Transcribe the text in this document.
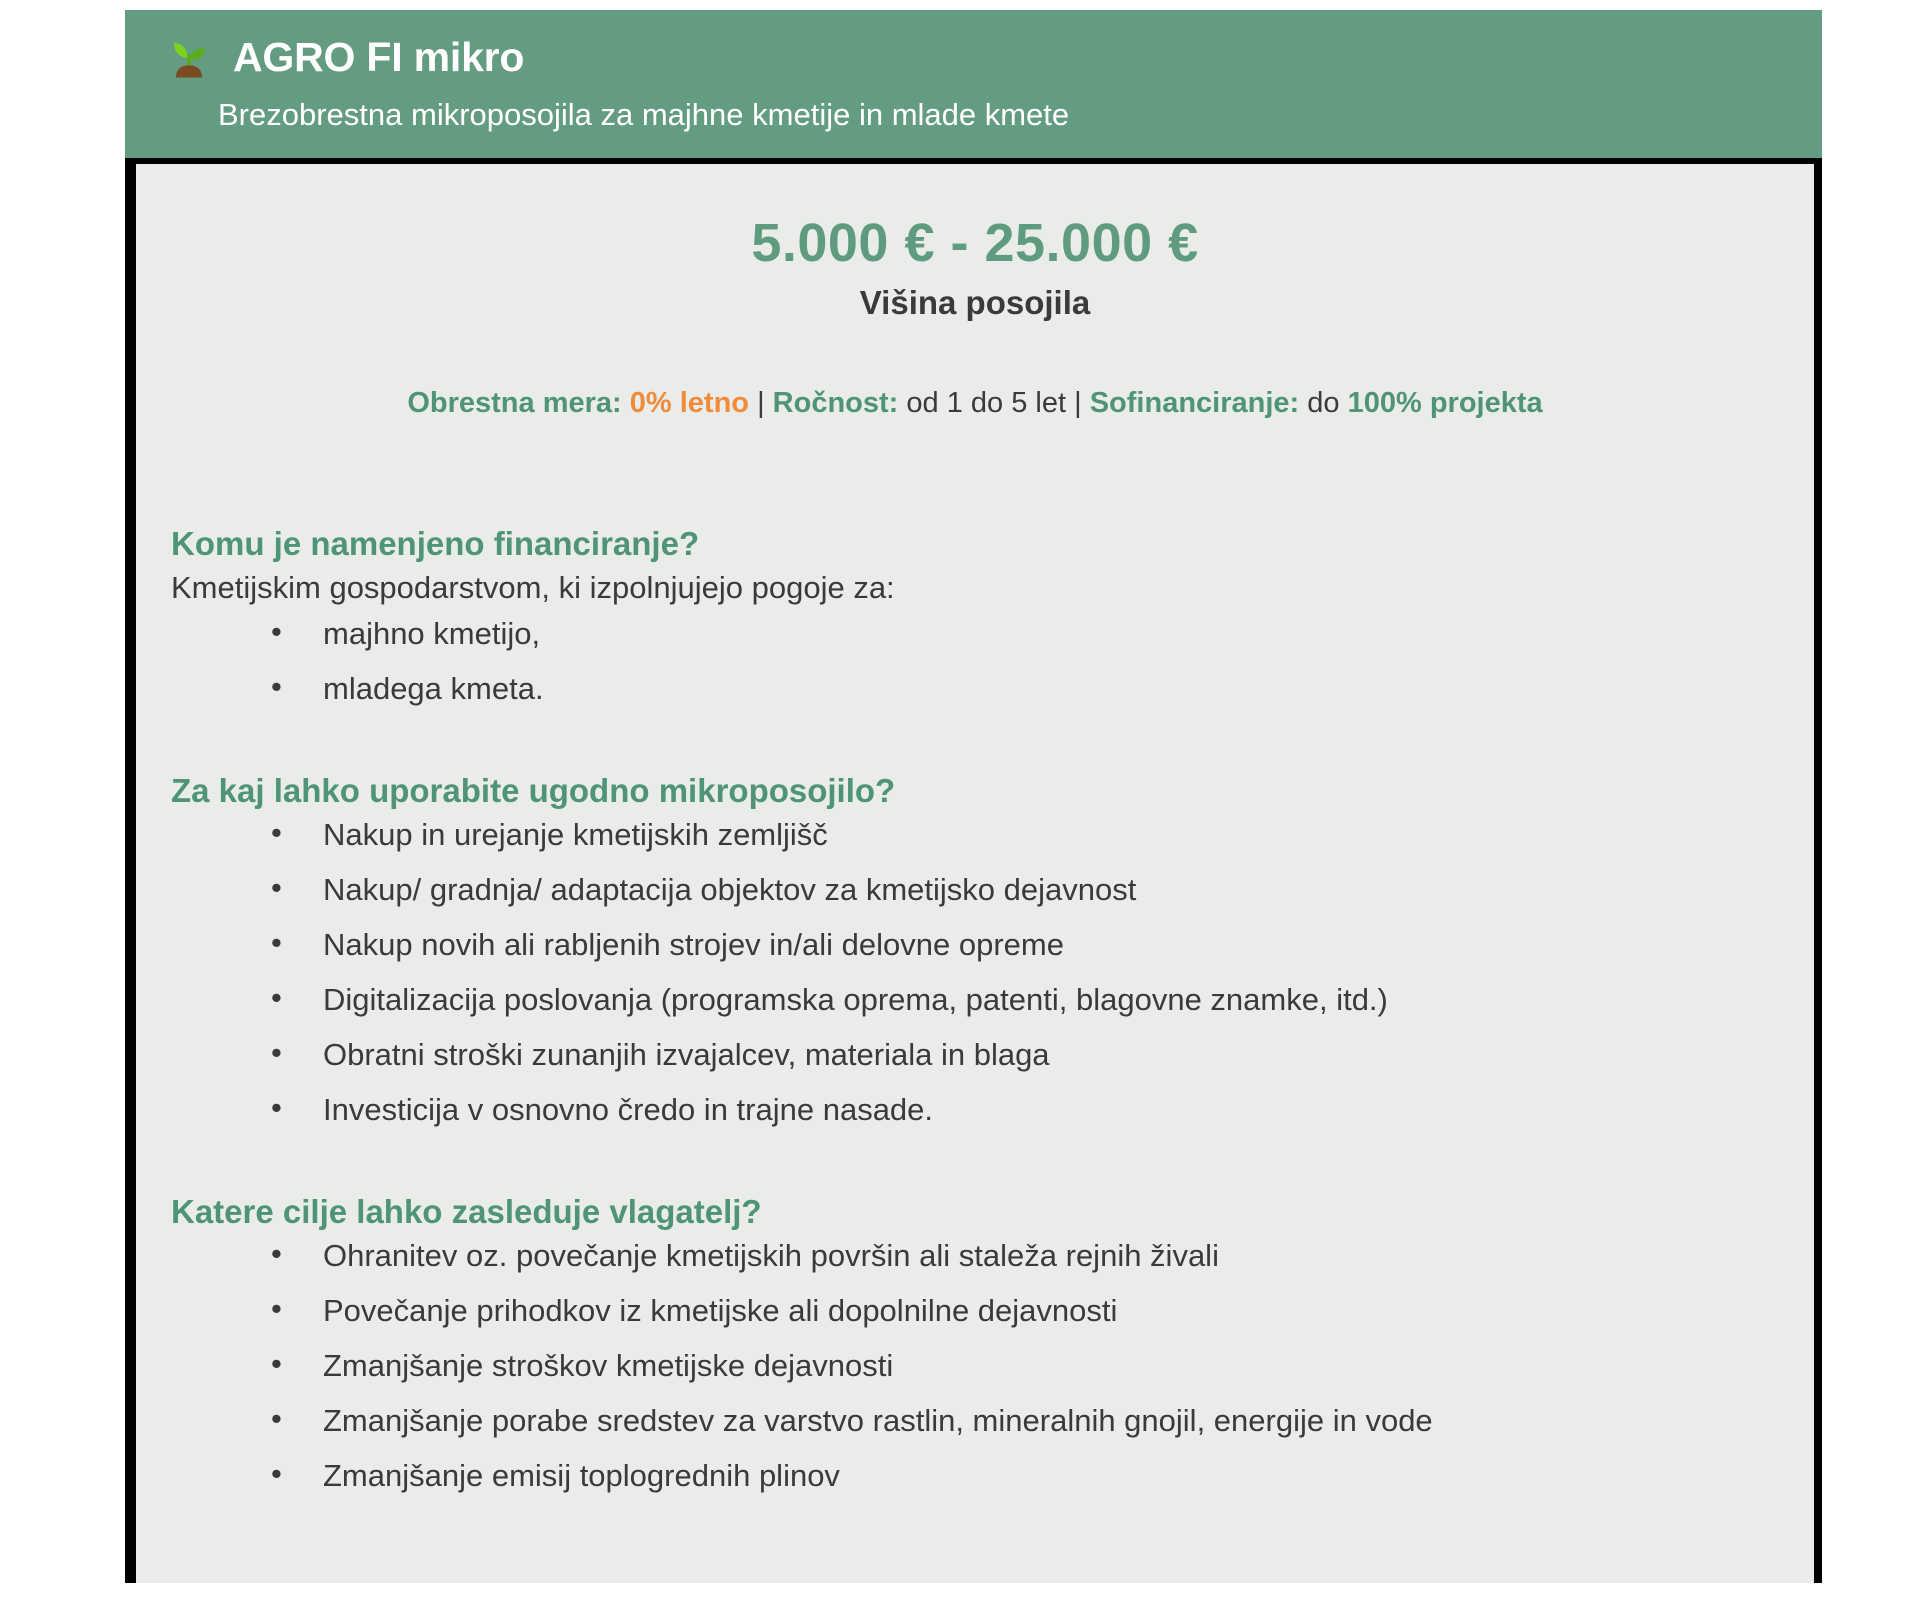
AGRO FI mikro
Brezobrestna mikroposojila za majhne kmetije in mlade kmete
5.000 € - 25.000 €
Višina posojila
Obrestna mera: 0% letno | Ročnost: od 1 do 5 let | Sofinanciranje: do 100% projekta
Komu je namenjeno financiranje?
Kmetijskim gospodarstvom, ki izpolnjujejo pogoje za:
• majhno kmetijo,
• mladega kmeta.
Za kaj lahko uporabite ugodno mikroposojilo?
• Nakup in urejanje kmetijskih zemljišč
• Nakup/ gradnja/ adaptacija objektov za kmetijsko dejavnost
• Nakup novih ali rabljenih strojev in/ali delovne opreme
• Digitalizacija poslovanja (programska oprema, patenti, blagovne znamke, itd.)
• Obratni stroški zunanjih izvajalcev, materiala in blaga
• Investicija v osnovno čredo in trajne nasade.
Katere cilje lahko zasleduje vlagatelj?
• Ohranitev oz. povečanje kmetijskih površin ali staleža rejnih živali
• Povečanje prihodkov iz kmetijske ali dopolnilne dejavnosti
• Zmanjšanje stroškov kmetijske dejavnosti
• Zmanjšanje porabe sredstev za varstvo rastlin, mineralnih gnojil, energije in vode
• Zmanjšanje emisij toplogrednih plinov
